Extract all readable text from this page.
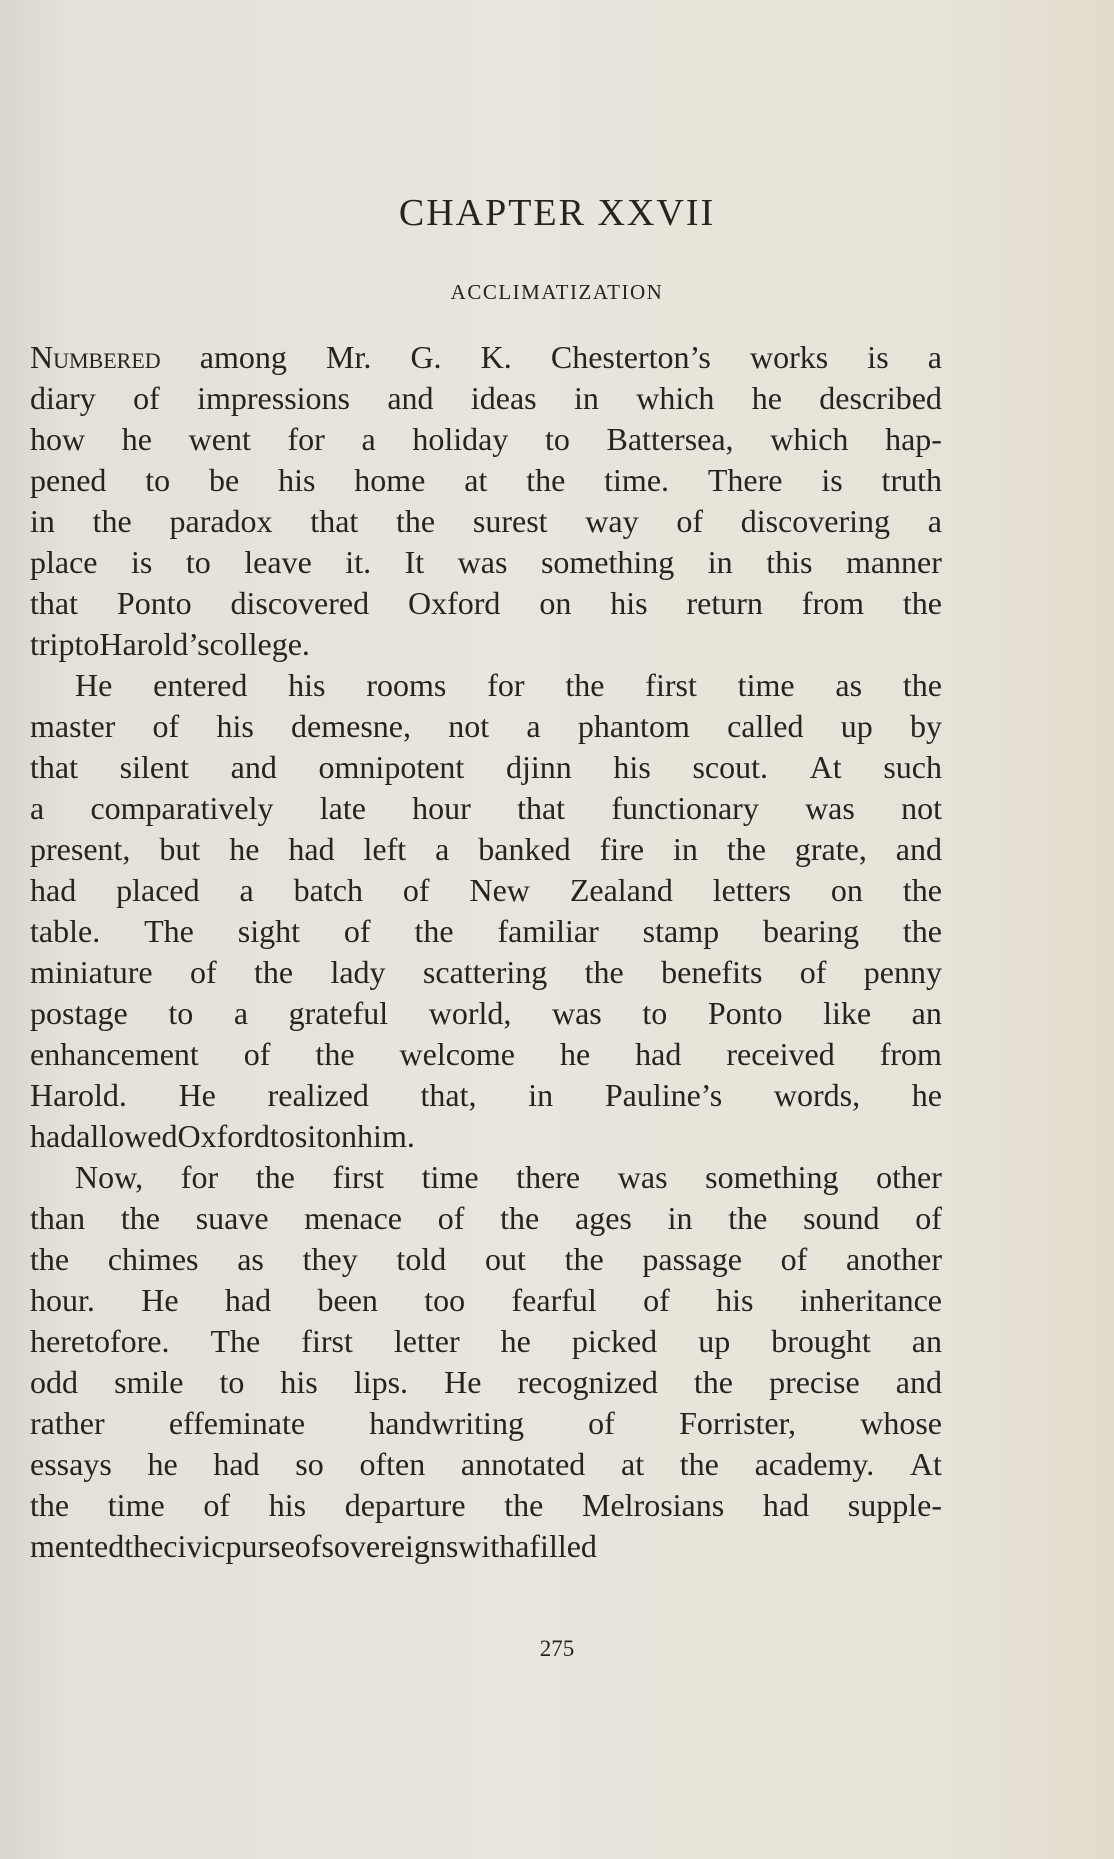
CHAPTER XXVII
ACCLIMATIZATION
Numbered among Mr. G. K. Chesterton’s works is a
diary of impressions and ideas in which he described
how he went for a holiday to Battersea, which hap-
pened to be his home at the time. There is truth
in the paradox that the surest way of discovering a
place is to leave it. It was something in this manner
that Ponto discovered Oxford on his return from the
trip to Harold’s college.
He entered his rooms for the first time as the
master of his demesne, not a phantom called up by
that silent and omnipotent djinn his scout. At such
a comparatively late hour that functionary was not
present, but he had left a banked fire in the grate, and
had placed a batch of New Zealand letters on the
table. The sight of the familiar stamp bearing the
miniature of the lady scattering the benefits of penny
postage to a grateful world, was to Ponto like an
enhancement of the welcome he had received from
Harold. He realized that, in Pauline’s words, he
had allowed Oxford to sit on him.
Now, for the first time there was something other
than the suave menace of the ages in the sound of
the chimes as they told out the passage of another
hour. He had been too fearful of his inheritance
heretofore. The first letter he picked up brought an
odd smile to his lips. He recognized the precise and
rather effeminate handwriting of Forrister, whose
essays he had so often annotated at the academy. At
the time of his departure the Melrosians had supple-
mented the civic purse of sovereigns with a filled
275
